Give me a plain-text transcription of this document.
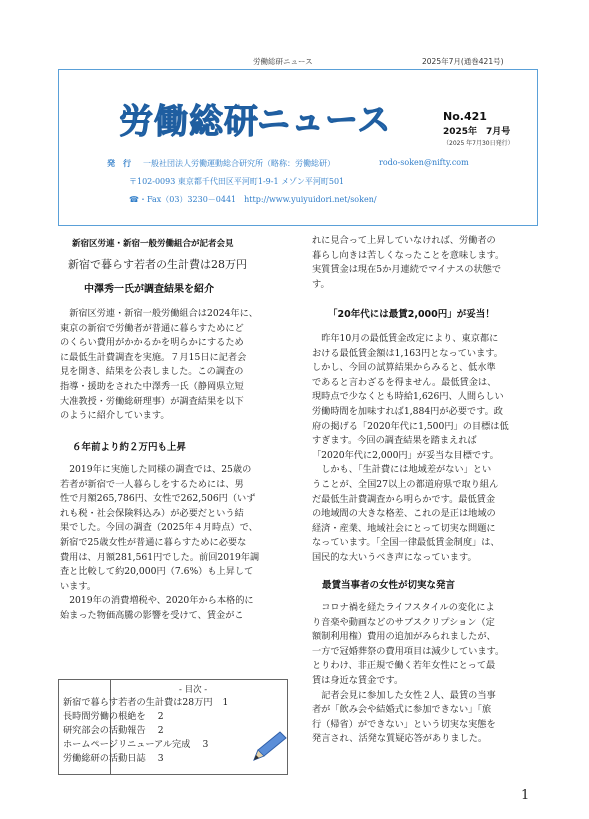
労働総研ニュース	2025年7月(通巻421号)
労働総研
ニュース	No.421
2025年　7月号
（2025 年7月30日発行）
発　行 一般社団法人労働運動総合研究所（略称：労働総研）	rodo-soken@nifty.com
〒102-0093 東京都千代田区平河町1-9-1 メゾン平河町501
☎・Fax（03）3230－0441　http://www.yuiyuidori.net/soken/
新宿区労連・新宿一般労働組合が記者会見
新宿で暮らす若者の生計費は28万円
中澤秀一氏が調査結果を紹介
新宿区労連・新宿一般労働組合は2024年に、
東京の新宿で労働者が普通に暮らすためにど
のくらい費用がかかるかを明らかにするため
に最低生計費調査を実施。７月15日に記者会
見を開き、結果を公表しました。この調査の
指導・援助をされた中澤秀一氏（静岡県立短
大准教授・労働総研理事）が調査結果を以下
のように紹介しています。
６年前より約２万円も上昇
2019年に実施した同様の調査では、25歳の
若者が新宿で一人暮らしをするためには、男
性で月額265,786円、女性で262,506円（いず
れも税・社会保険料込み）が必要だという結
果でした。今回の調査（2025年４月時点）で、
新宿で25歳女性が普通に暮らすために必要な
費用は、月額281,561円でした。前回2019年調
査と比較して約20,000円（7.6%）も上昇して
います。
2019年の消費増税や、2020年から本格的に
始まった物価高騰の影響を受けて、賃金がこ
- 目次 -
新宿で暮らす若者の生計費は28万円 1
長時間労働の根絶を 2
研究部会の活動報告 2
ホームページリニューアル完成 3
労働総研の活動日誌 3
れに見合って上昇していなければ、労働者の
暮らし向きは苦しくなったことを意味します。
実質賃金は現在5か月連続でマイナスの状態で
す。
「20年代には最賃2,000円」が妥当！
昨年10月の最低賃金改定により、東京都に
おける最低賃金額は1,163円となっています。
しかし、今回の試算結果からみると、低水準
であると言わざるを得ません。最低賃金は、
現時点で少なくとも時給1,626円、人間らしい
労働時間を加味すれば1,884円が必要です。政
府の掲げる「2020年代に1,500円」の目標は低
すぎます。今回の調査結果を踏まえれば
「2020年代に2,000円」が妥当な目標です。
しかも、「生計費には地域差がない」とい
うことが、全国27以上の都道府県で取り組ん
だ最低生計費調査から明らかです。最低賃金
の地域間の大きな格差、これの是正は地域の
経済・産業、地域社会にとって切実な問題に
なっています。「全国一律最低賃金制度」は、
国民的な大いうべき声になっています。
最賃当事者の女性が切実な発言
コロナ禍を経たライフスタイルの変化によ
り音楽や動画などのサブスクリプション（定
額制利用権）費用の追加がみられましたが、
一方で冠婚葬祭の費用項目は減少しています。
とりわけ、非正規で働く若年女性にとって最
賃は身近な賃金です。
記者会見に参加した女性２人、最賃の当事
者が「飲み会や結婚式に参加できない」「旅
行（帰省）ができない」という切実な実態を
発言され、活発な質疑応答がありました。
1
